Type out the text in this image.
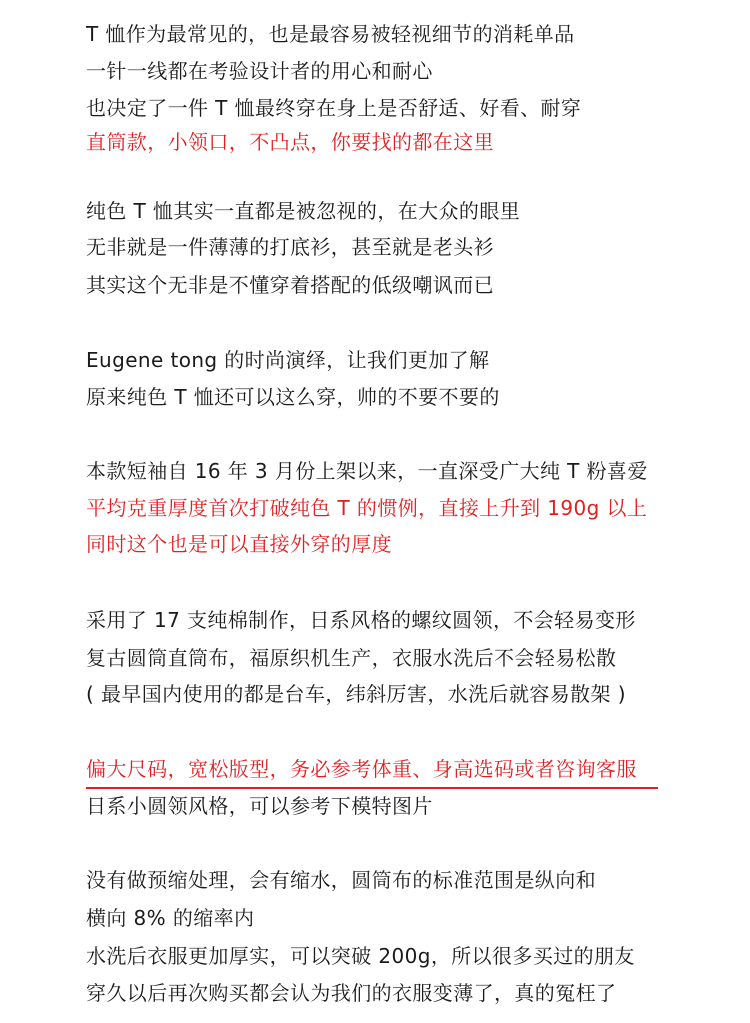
T 恤作为最常见的，也是最容易被轻视细节的消耗单品
一针一线都在考验设计者的用心和耐心
也决定了一件 T 恤最终穿在身上是否舒适、好看、耐穿
直筒款，小领口，不凸点，你要找的都在这里
纯色 T 恤其实一直都是被忽视的，在大众的眼里
无非就是一件薄薄的打底衫，甚至就是老头衫
其实这个无非是不懂穿着搭配的低级嘲讽而已
Eugene tong 的时尚演绎，让我们更加了解
原来纯色 T 恤还可以这么穿，帅的不要不要的
本款短袖自 16 年 3 月份上架以来，一直深受广大纯 T 粉喜爱
平均克重厚度首次打破纯色 T 的惯例，直接上升到 190g 以上
同时这个也是可以直接外穿的厚度
采用了 17 支纯棉制作，日系风格的螺纹圆领，不会轻易变形
复古圆筒直筒布，福原织机生产，衣服水洗后不会轻易松散
( 最早国内使用的都是台车，纬斜厉害，水洗后就容易散架 )
偏大尺码，宽松版型，务必参考体重、身高选码或者咨询客服
日系小圆领风格，可以参考下模特图片
没有做预缩处理，会有缩水，圆筒布的标准范围是纵向和
横向 8% 的缩率内
水洗后衣服更加厚实，可以突破 200g，所以很多买过的朋友
穿久以后再次购买都会认为我们的衣服变薄了，真的冤枉了
